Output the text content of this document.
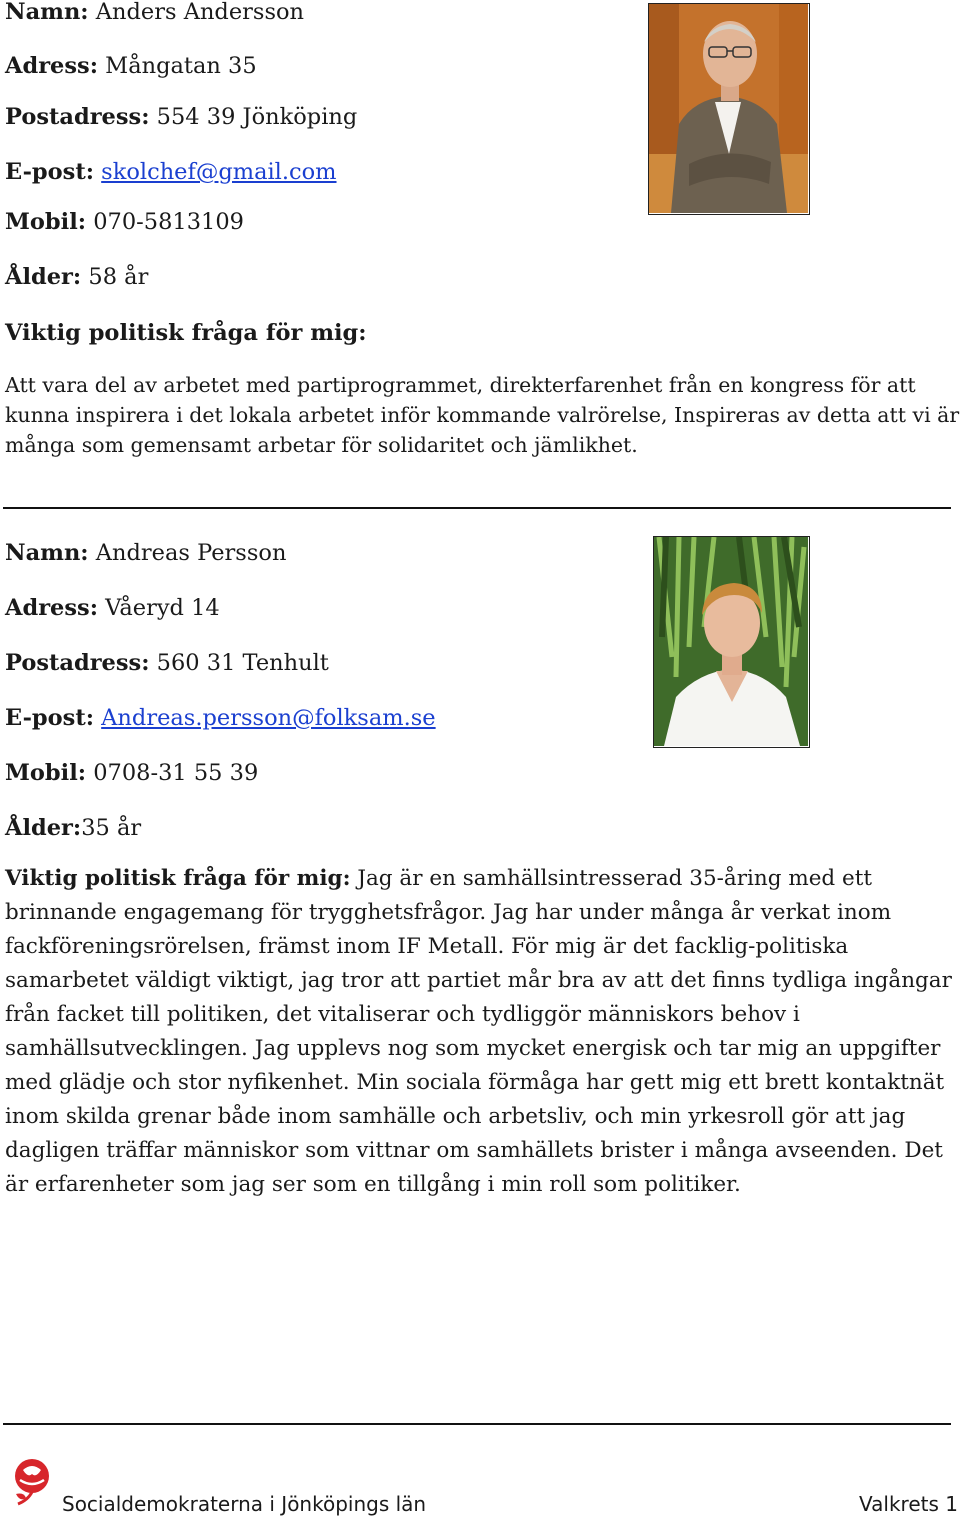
Namn: Anders Andersson
Adress: Mångatan 35
Postadress: 554 39 Jönköping
E-post: skolchef@gmail.com
Mobil: 070-5813109
Ålder: 58 år
Viktig politisk fråga för mig:
Att vara del av arbetet med partiprogrammet, direkterfarenhet från en kongress för att kunna inspirera i det lokala arbetet inför kommande valrörelse, Inspireras av detta att vi är många som gemensamt arbetar för solidaritet och jämlikhet.
Namn: Andreas Persson
Adress: Våeryd 14
Postadress: 560 31 Tenhult
E-post: Andreas.persson@folksam.se
Mobil: 0708-31 55 39
Ålder:35 år
Viktig politisk fråga för mig: Jag är en samhällsintresserad 35-åring med ett brinnande engagemang för trygghetsfrågor. Jag har under många år verkat inom fackföreningsrörelsen, främst inom IF Metall. För mig är det facklig-politiska samarbetet väldigt viktigt, jag tror att partiet mår bra av att det finns tydliga ingångar från facket till politiken, det vitaliserar och tydliggör människors behov i samhällsutvecklingen. Jag upplevs nog som mycket energisk och tar mig an uppgifter med glädje och stor nyfikenhet. Min sociala förmåga har gett mig ett brett kontaktnät inom skilda grenar både inom samhälle och arbetsliv, och min yrkesroll gör att jag dagligen träffar människor som vittnar om samhällets brister i många avseenden. Det är erfarenheter som jag ser som en tillgång i min roll som politiker.
Socialdemokraterna i Jönköpings län	Valkrets 1
